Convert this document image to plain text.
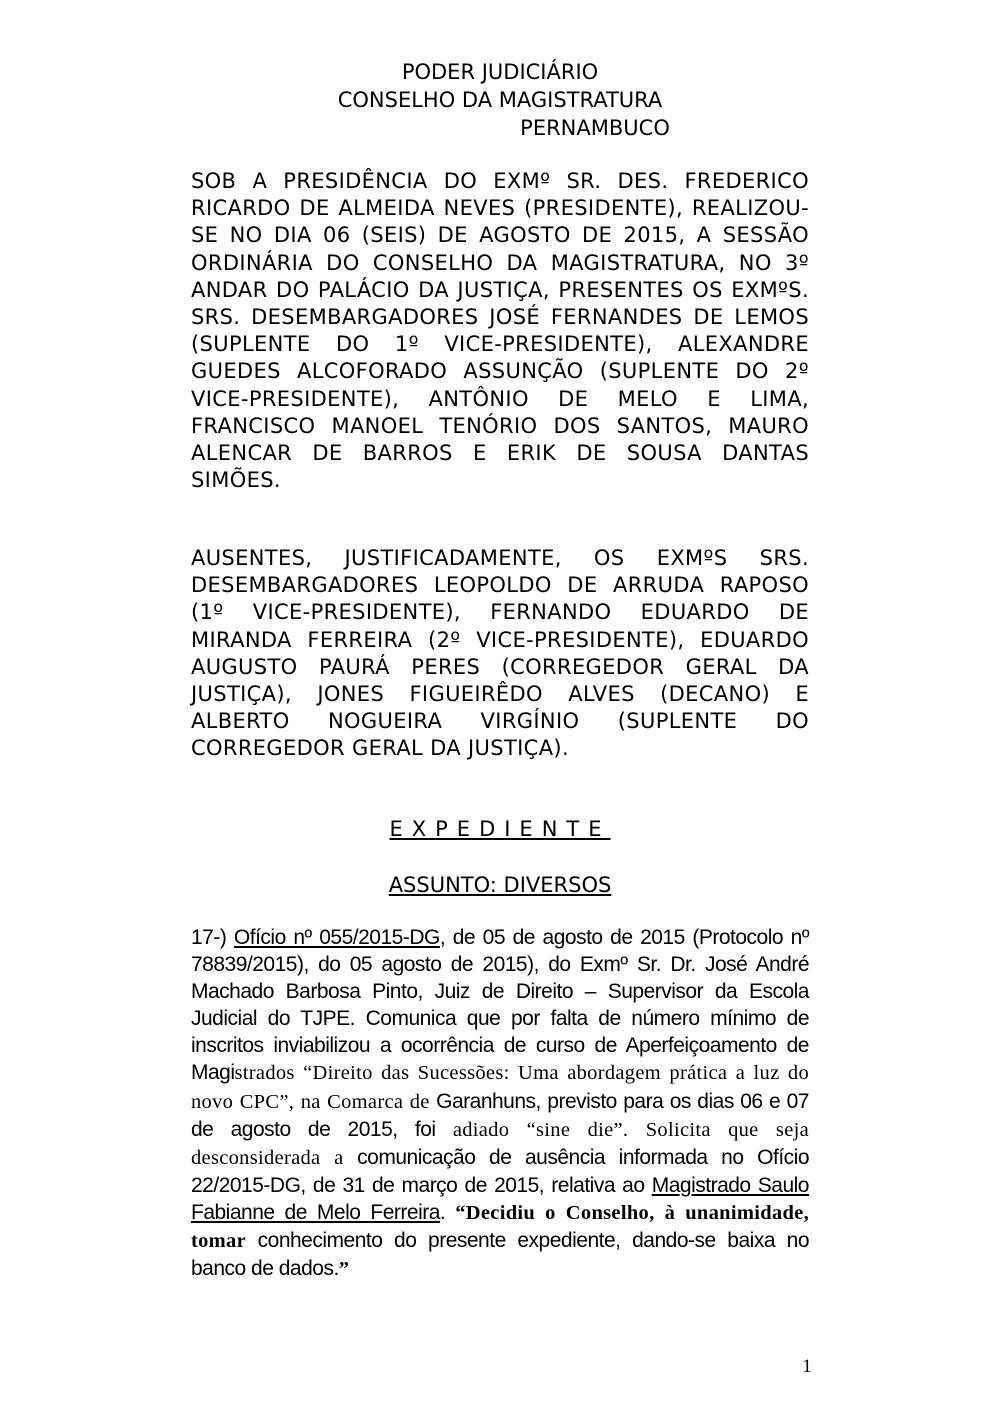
PODER JUDICIÁRIO
CONSELHO DA MAGISTRATURA
PERNAMBUCO
SOB A PRESIDÊNCIA DO EXMº SR. DES. FREDERICO RICARDO DE ALMEIDA NEVES (PRESIDENTE), REALIZOU-SE NO DIA 06 (SEIS) DE AGOSTO DE 2015, A SESSÃO ORDINÁRIA DO CONSELHO DA MAGISTRATURA, NO 3º ANDAR DO PALÁCIO DA JUSTIÇA, PRESENTES OS EXMºS. SRS. DESEMBARGADORES JOSÉ FERNANDES DE LEMOS (SUPLENTE DO 1º VICE-PRESIDENTE), ALEXANDRE GUEDES ALCOFORADO ASSUNÇÃO (SUPLENTE DO 2º VICE-PRESIDENTE), ANTÔNIO DE MELO E LIMA, FRANCISCO MANOEL TENÓRIO DOS SANTOS, MAURO ALENCAR DE BARROS E ERIK DE SOUSA DANTAS SIMÕES.
AUSENTES, JUSTIFICADAMENTE, OS EXMºS SRS. DESEMBARGADORES LEOPOLDO DE ARRUDA RAPOSO (1º VICE-PRESIDENTE), FERNANDO EDUARDO DE MIRANDA FERREIRA (2º VICE-PRESIDENTE), EDUARDO AUGUSTO PAURÁ PERES (CORREGEDOR GERAL DA JUSTIÇA), JONES FIGUEIRÊDO ALVES (DECANO) E ALBERTO NOGUEIRA VIRGÍNIO (SUPLENTE DO CORREGEDOR GERAL DA JUSTIÇA).
EXPEDIENTE
ASSUNTO: DIVERSOS
17-) Ofício nº 055/2015-DG, de 05 de agosto de 2015 (Protocolo nº 78839/2015), do 05 agosto de 2015), do Exmº Sr. Dr. José André Machado Barbosa Pinto, Juiz de Direito – Supervisor da Escola Judicial do TJPE. Comunica que por falta de número mínimo de inscritos inviabilizou a ocorrência de curso de Aperfeiçoamento de Magistrados “Direito das Sucessões: Uma abordagem prática a luz do novo CPC”, na Comarca de Garanhuns, previsto para os dias 06 e 07 de agosto de 2015, foi adiado “sine die”. Solicita que seja desconsiderada a comunicação de ausência informada no Ofício 22/2015-DG, de 31 de março de 2015, relativa ao Magistrado Saulo Fabianne de Melo Ferreira. “Decidiu o Conselho, à unanimidade, tomar conhecimento do presente expediente, dando-se baixa no banco de dados.”
1
